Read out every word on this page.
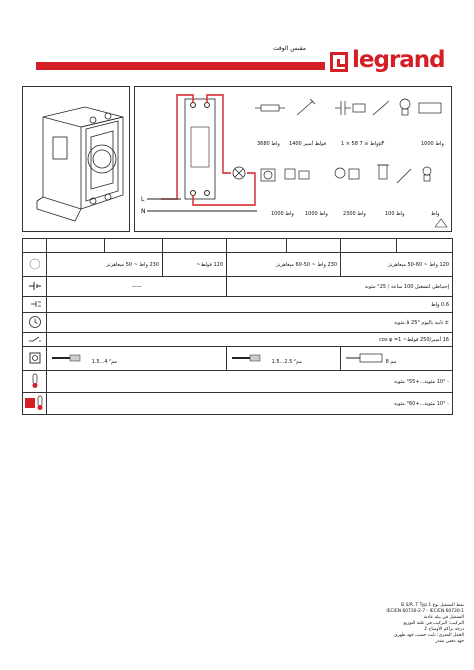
مقبس الوقت legrand
L
N
3680 واط 1400 فولط أمبير	1 × 58 واط ≤ 7μF	1000 واط
1000 واط 1000 واط	2300 واط	100 واط	واط

	230 واط ~ 50 ميغاهرتز		120 فولط~	230 واط ~ 50-60 ميغاهرتز		120 واط ~ 60-50 ميغاهرتز	
	——			إحتياطي لتشغيل 100 ساعة / 25° مئوية			
	0.6 واط						
	± ثانية باليوم à 25° مئوية						
	16 أمبير/250 فولط~ cos φ =1						
	1.5...4 مم²			1.5...2.5 مم²		8 مم	
	- 10° مئوية...+55° مئوية						
	- 10° مئوية...+60° مئوية						
نمط التشغيل نوع 1.B.S/R. T Typ
IEC/EN 60730-2-7 - IEC/EN 60730-1
التشغيل في بيئة عادية
التركيب: التركيب في علبة التوزيع
درجة تراكم الأوساخ 2
الحقل المغري: ثابت حسب جهد ظهري
جهد دفعي مقدر
